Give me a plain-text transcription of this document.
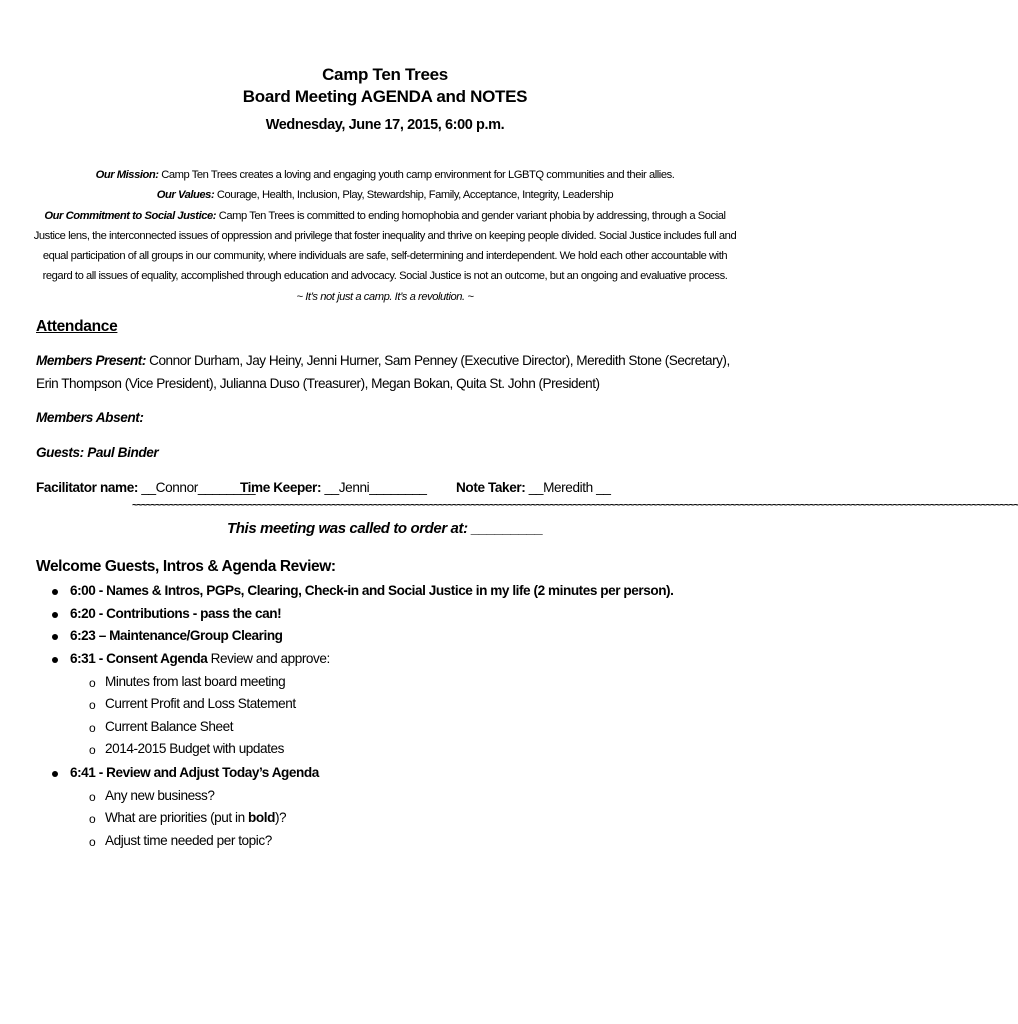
Camp Ten Trees
Board Meeting AGENDA and NOTES
Wednesday, June 17, 2015, 6:00 p.m.
Our Mission: Camp Ten Trees creates a loving and engaging youth camp environment for LGBTQ communities and their allies.
Our Values: Courage, Health, Inclusion, Play, Stewardship, Family, Acceptance, Integrity, Leadership
Our Commitment to Social Justice: Camp Ten Trees is committed to ending homophobia and gender variant phobia by addressing, through a Social Justice lens, the interconnected issues of oppression and privilege that foster inequality and thrive on keeping people divided. Social Justice includes full and equal participation of all groups in our community, where individuals are safe, self-determining and interdependent. We hold each other accountable with regard to all issues of equality, accomplished through education and advocacy. Social Justice is not an outcome, but an ongoing and evaluative process.
~ It’s not just a camp. It’s a revolution. ~
Attendance
Members Present: Connor Durham, Jay Heiny, Jenni Hurner, Sam Penney (Executive Director), Meredith Stone (Secretary), Erin Thompson (Vice President), Julianna Duso (Treasurer), Megan Bokan, Quita St. John (President)
Members Absent:
Guests: Paul Binder
Facilitator name: __Connor________
Time Keeper: __Jenni________ Note Taker: __Meredith __
~~~~~~~~~~~~~~~~~~~~~~~~~~~~~~~~~~~~~~~~~~~~~~~~~~~~~~~~~~~~~~~~~~~~~~~~~~~~~~~~~~~~~~~~~~~~~~~~~~~~~~~~~~~~~~~~~~~~~~~~~~~~~~~~~~~~~~~~~~~~~~~~~~~~~~~~~~~~~~~~~~~~~~~~~~~~~~~~~~~~~~~~~~~~~~~
This meeting was called to order at: _________
Welcome Guests, Intros & Agenda Review:
6:00 - Names & Intros, PGPs, Clearing, Check-in and Social Justice in my life (2 minutes per person).
6:20 - Contributions - pass the can!
6:23 – Maintenance/Group Clearing
6:31 - Consent Agenda Review and approve:
o Minutes from last board meeting
o Current Profit and Loss Statement
o Current Balance Sheet
o 2014-2015 Budget with updates
6:41 - Review and Adjust Today’s Agenda
o Any new business?
o What are priorities (put in bold)?
o Adjust time needed per topic?
